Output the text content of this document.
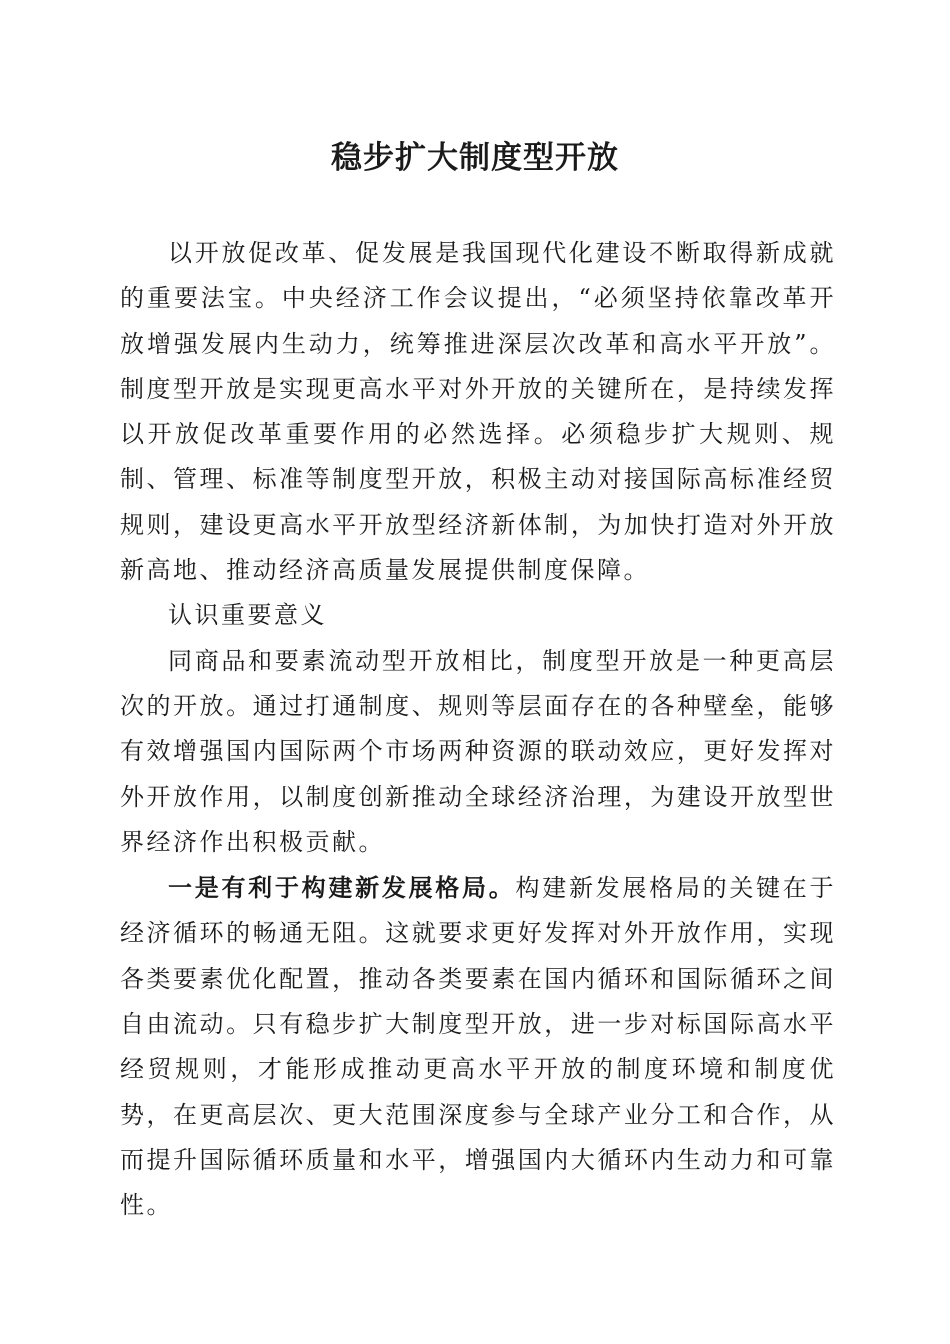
稳步扩大制度型开放

以开放促改革、促发展是我国现代化建设不断取得新成就的重要法宝。中央经济工作会议提出，“必须坚持依靠改革开放增强发展内生动力，统筹推进深层次改革和高水平开放”。制度型开放是实现更高水平对外开放的关键所在，是持续发挥以开放促改革重要作用的必然选择。必须稳步扩大规则、规制、管理、标准等制度型开放，积极主动对接国际高标准经贸规则，建设更高水平开放型经济新体制，为加快打造对外开放新高地、推动经济高质量发展提供制度保障。

认识重要意义

同商品和要素流动型开放相比，制度型开放是一种更高层次的开放。通过打通制度、规则等层面存在的各种壁垒，能够有效增强国内国际两个市场两种资源的联动效应，更好发挥对外开放作用，以制度创新推动全球经济治理，为建设开放型世界经济作出积极贡献。

一是有利于构建新发展格局。构建新发展格局的关键在于经济循环的畅通无阻。这就要求更好发挥对外开放作用，实现各类要素优化配置，推动各类要素在国内循环和国际循环之间自由流动。只有稳步扩大制度型开放，进一步对标国际高水平经贸规则，才能形成推动更高水平开放的制度环境和制度优势，在更高层次、更大范围深度参与全球产业分工和合作，从而提升国际循环质量和水平，增强国内大循环内生动力和可靠性。
